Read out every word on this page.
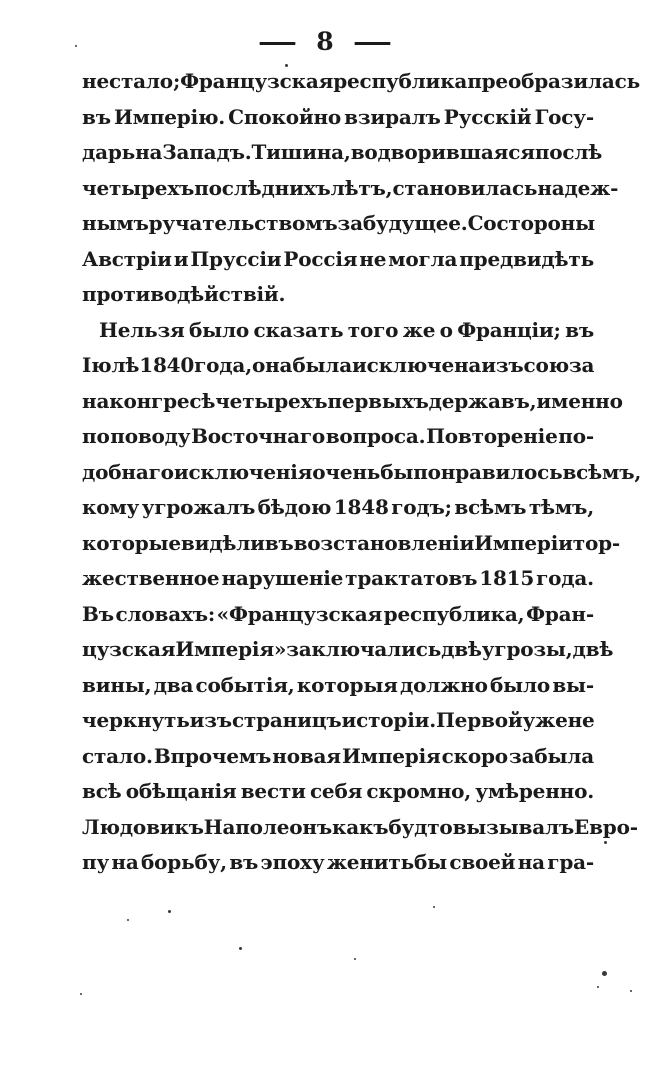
— 8 —
не стало; Французская республика преобразилась
въ Имперію. Спокойно взиралъ Русскій Госу-
дарь на Западъ. Тишина, водворившаяся послѣ
четырехъ послѣднихъ лѣтъ, становилась надеж-
нымъ ручательствомъ за будущее. Со стороны
Австріи и Пруссіи Россія не могла предвидѣть
противодѣйствій.
Нельзя было сказать того же о Франціи; въ
Іюлѣ 1840 года, она была исключена изъ союза
на конгресѣ четырехъ первыхъ державъ, именно
по поводу Восточнаго вопроса. Повтореніе по-
добнаго исключенія очень бы понравилось всѣмъ,
кому угрожалъ бѣдою 1848 годъ; всѣмъ тѣмъ,
которые видѣли въ возстановленіи Имперіи тор-
жественное нарушеніе трактатовъ 1815 года.
Въ словахъ: «Французская республика, Фран-
цузская Имперія» заключались двѣ угрозы, двѣ
вины, два событія, которыя должно было вы-
черкнуть изъ страницъ исторіи. Первой уже не
стало. Впрочемъ новая Имперія скоро забыла
всѣ обѣщанія вести себя скромно, умѣренно.
Людовикъ Наполеонъ какъ будто вызывалъ Евро-
пу на борьбу, въ эпоху женитьбы своей на гра-
